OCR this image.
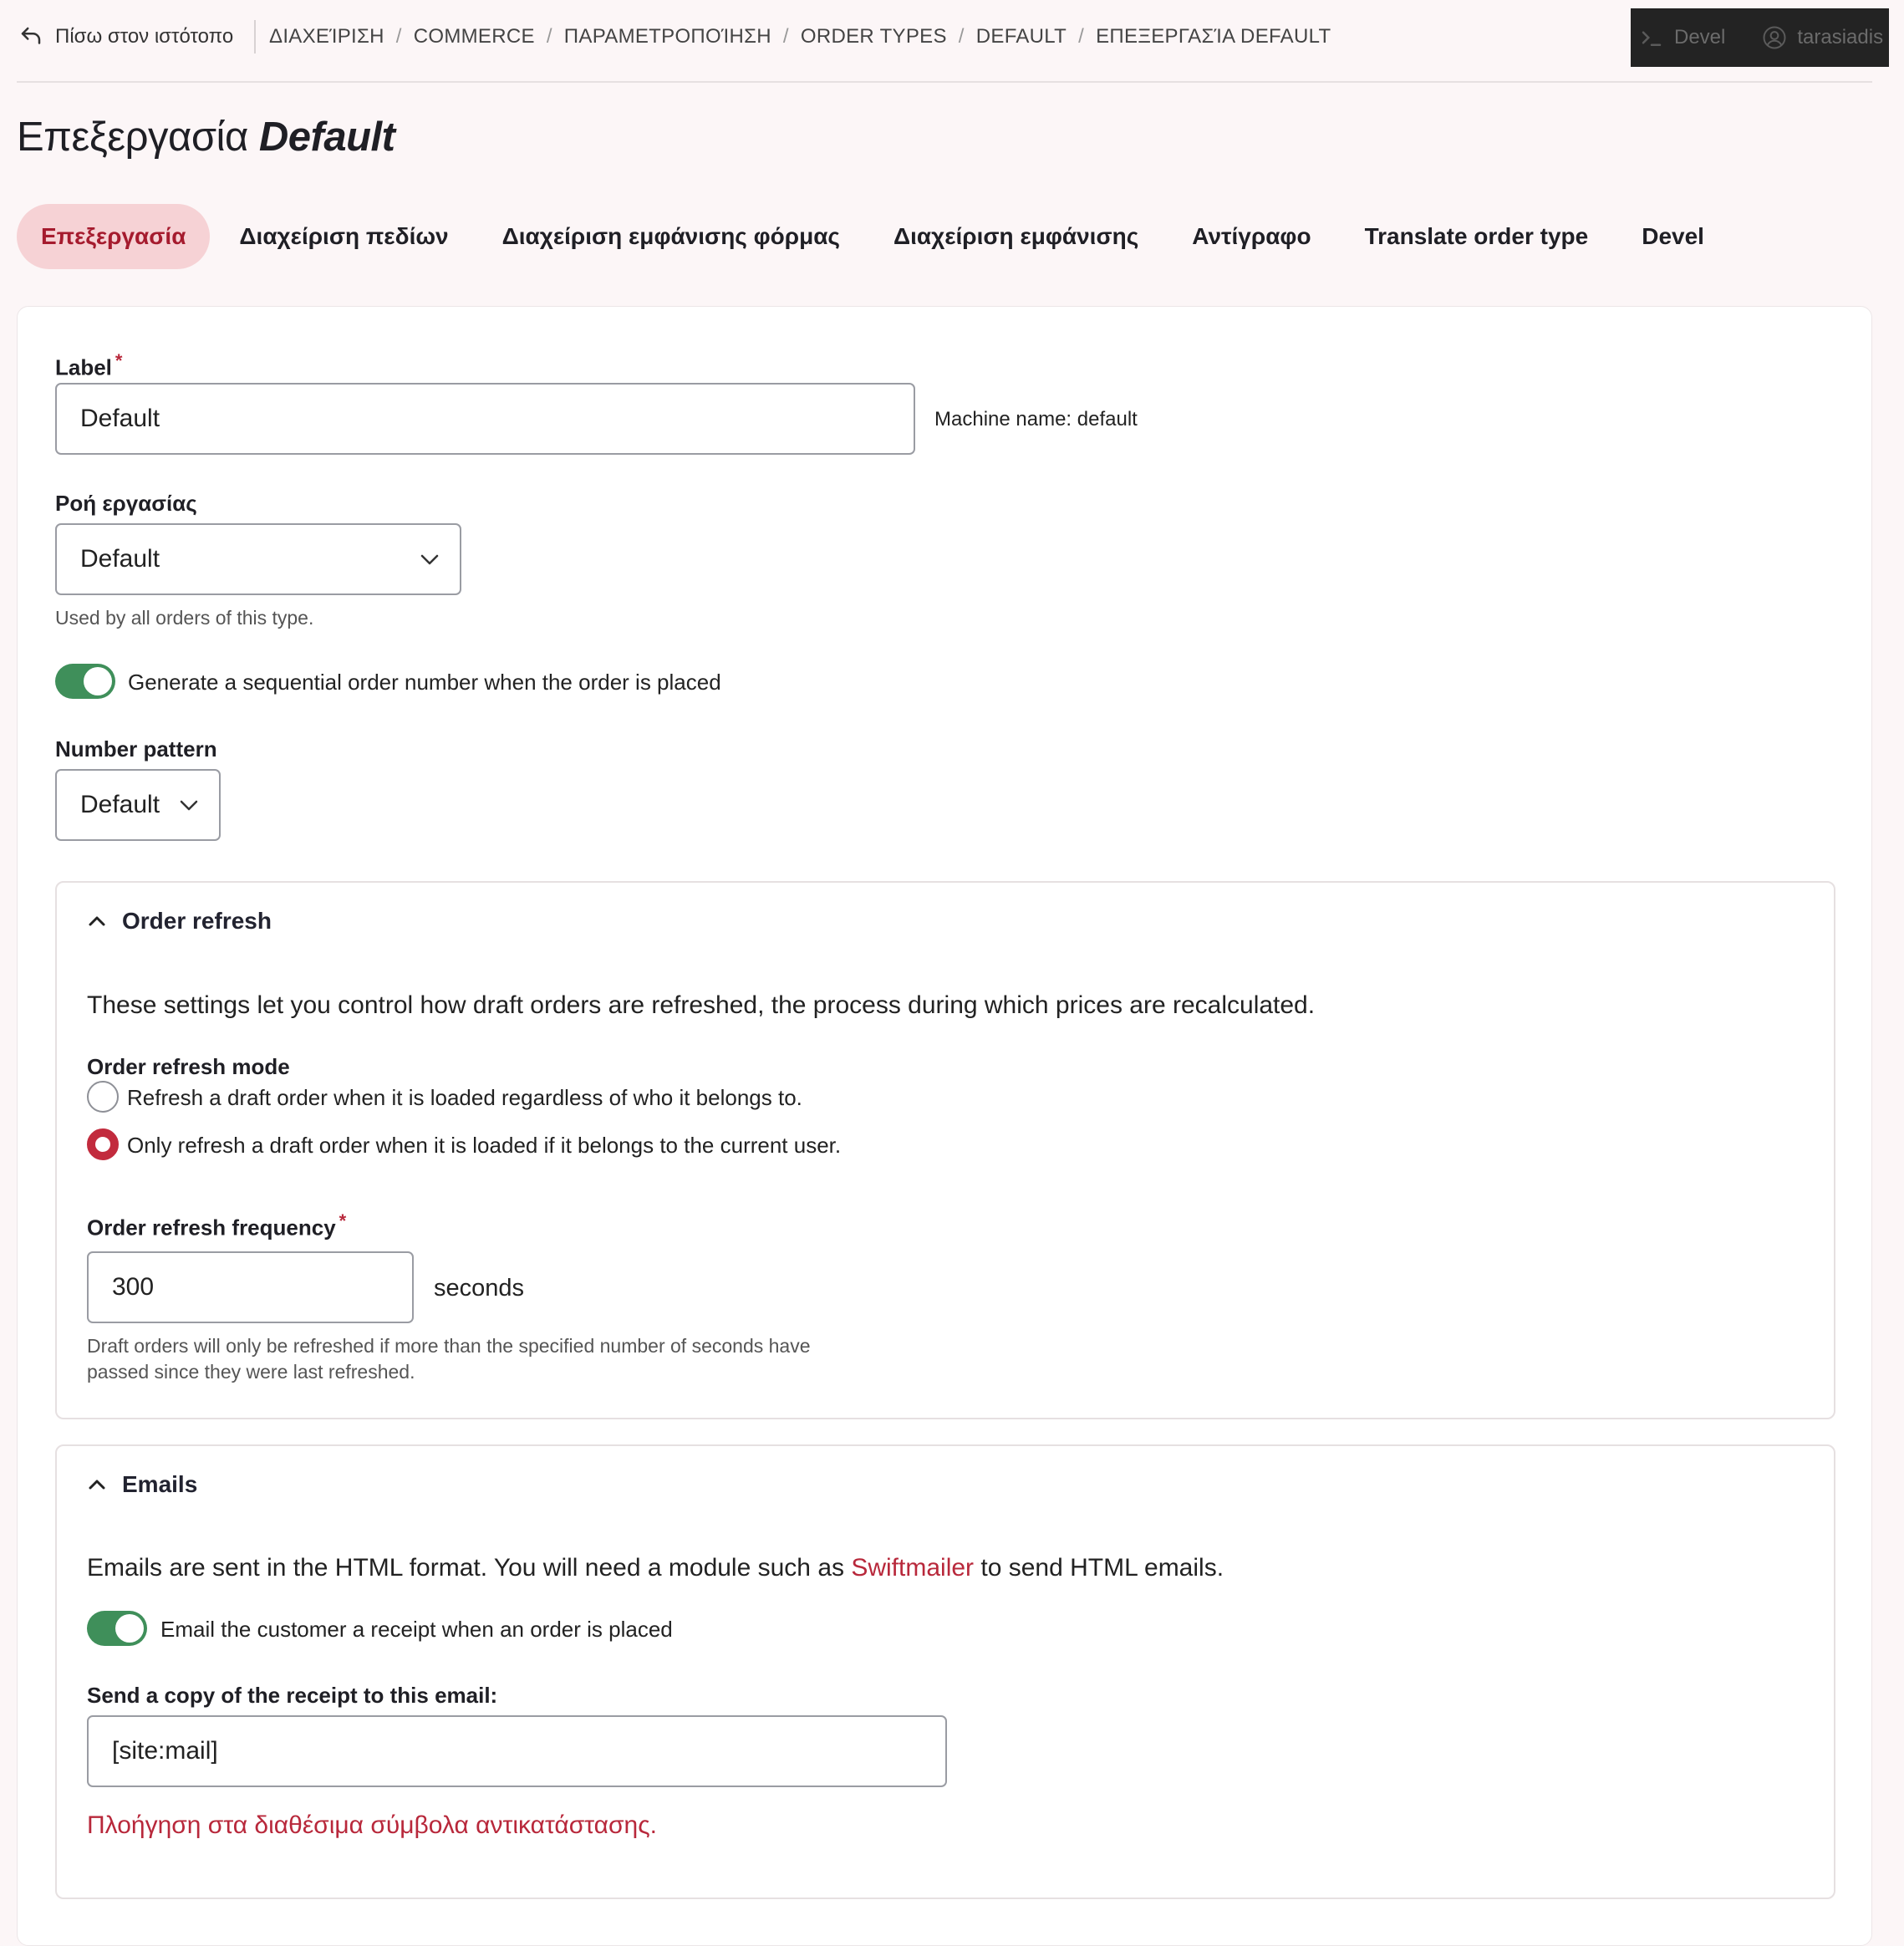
Πίσω στον ιστότοπο ΔΙΑΧΕΊΡΙΣΗ / COMMERCE / ΠΑΡΑΜΕΤΡΟΠΟΊΗΣΗ / ORDER TYPES / DEFAULT / ΕΠΕΞΕΡΓΑΣΊΑ DEFAULT	Devel	tarasiadis
Επεξεργασία Default
Επεξεργασία	Διαχείριση πεδίων	Διαχείριση εμφάνισης φόρμας	Διαχείριση εμφάνισης	Αντίγραφο	Translate order type	Devel
Label *
Default	Machine name: default
Ροή εργασίας
Default
Used by all orders of this type.
Generate a sequential order number when the order is placed
Number pattern
Default
Order refresh
These settings let you control how draft orders are refreshed, the process during which prices are recalculated.
Order refresh mode
Refresh a draft order when it is loaded regardless of who it belongs to.
Only refresh a draft order when it is loaded if it belongs to the current user.
Order refresh frequency *
300	seconds
Draft orders will only be refreshed if more than the specified number of seconds have
passed since they were last refreshed.
Emails
Emails are sent in the HTML format. You will need a module such as Swiftmailer to send HTML emails.
Email the customer a receipt when an order is placed
Send a copy of the receipt to this email:
[site:mail]
Πλοήγηση στα διαθέσιμα σύμβολα αντικατάστασης.
